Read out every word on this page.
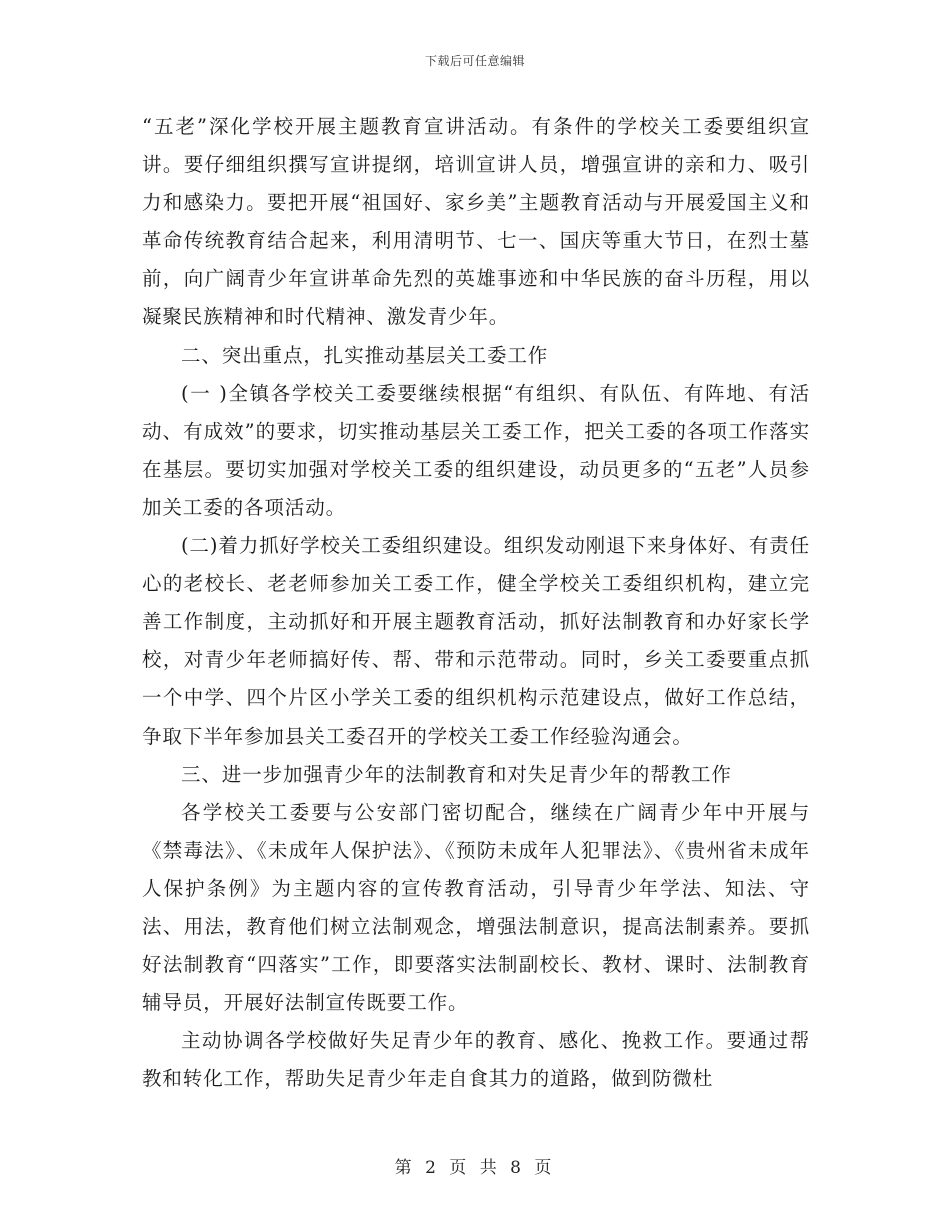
下载后可任意编辑

“五老”深化学校开展主题教育宣讲活动。有条件的学校关工委要组织宣讲。要仔细组织撰写宣讲提纲，培训宣讲人员，增强宣讲的亲和力、吸引力和感染力。要把开展“祖国好、家乡美”主题教育活动与开展爱国主义和革命传统教育结合起来，利用清明节、七一、国庆等重大节日，在烈士墓前，向广阔青少年宣讲革命先烈的英雄事迹和中华民族的奋斗历程，用以凝聚民族精神和时代精神、激发青少年。

二、突出重点，扎实推动基层关工委工作

(一 )全镇各学校关工委要继续根据“有组织、有队伍、有阵地、有活动、有成效”的要求，切实推动基层关工委工作，把关工委的各项工作落实在基层。要切实加强对学校关工委的组织建设，动员更多的“五老”人员参加关工委的各项活动。

(二)着力抓好学校关工委组织建设。组织发动刚退下来身体好、有责任心的老校长、老老师参加关工委工作，健全学校关工委组织机构，建立完善工作制度，主动抓好和开展主题教育活动，抓好法制教育和办好家长学校，对青少年老师搞好传、帮、带和示范带动。同时，乡关工委要重点抓一个中学、四个片区小学关工委的组织机构示范建设点，做好工作总结，争取下半年参加县关工委召开的学校关工委工作经验沟通会。

三、进一步加强青少年的法制教育和对失足青少年的帮教工作

各学校关工委要与公安部门密切配合，继续在广阔青少年中开展与《禁毒法》、《未成年人保护法》、《预防未成年人犯罪法》、《贵州省未成年人保护条例》为主题内容的宣传教育活动，引导青少年学法、知法、守法、用法，教育他们树立法制观念，增强法制意识，提高法制素养。要抓好法制教育“四落实”工作，即要落实法制副校长、教材、课时、法制教育辅导员，开展好法制宣传既要工作。

主动协调各学校做好失足青少年的教育、感化、挽救工作。要通过帮教和转化工作，帮助失足青少年走自食其力的道路，做到防微杜

第 2 页 共 8 页
